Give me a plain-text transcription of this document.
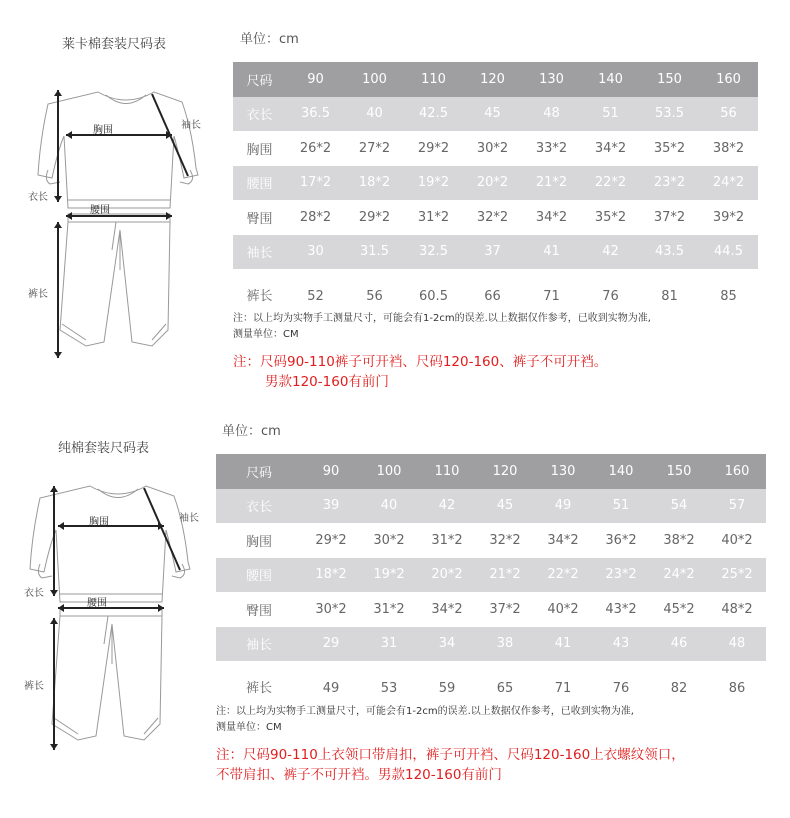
莱卡棉套装尺码表	单位：cm
袖长
胸围
衣长
腰围
裤长
尺码	90	100	110	120	130	140	150	160
衣长	36.5	40	42.5	45	48	51	53.5	56
胸围	26*2	27*2	29*2	30*2	33*2	34*2	35*2	38*2
腰围	17*2	18*2	19*2	20*2	21*2	22*2	23*2	24*2
臀围	28*2	29*2	31*2	32*2	34*2	35*2	37*2	39*2
袖长	30	31.5	32.5	37	41	42	43.5	44.5
裤长	52	56	60.5	66	71	76	81	85
注：以上均为实物手工测量尺寸，可能会有1-2cm的误差.以上数据仅作参考，已收到实物为准,
测量单位：CM
注：尺码90-110裤子可开裆、尺码120-160、裤子不可开裆。
男款120-160有前门
纯棉套装尺码表
单位：cm
袖长
胸围
衣长
腰围
裤长
尺码	90	100	110	120	130	140	150	160
衣长	39	40	42	45	49	51	54	57
胸围	29*2	30*2	31*2	32*2	34*2	36*2	38*2	40*2
腰围	18*2	19*2	20*2	21*2	22*2	23*2	24*2	25*2
臀围	30*2	31*2	34*2	37*2	40*2	43*2	45*2	48*2
袖长	29	31	34	38	41	43	46	48
裤长	49	53	59	65	71	76	82	86
注：以上均为实物手工测量尺寸，可能会有1-2cm的误差.以上数据仅作参考，已收到实物为准,
测量单位：CM
注：尺码90-110上衣领口带肩扣，裤子可开裆、尺码120-160上衣螺纹领口，
不带肩扣、裤子不可开裆。男款120-160有前门
